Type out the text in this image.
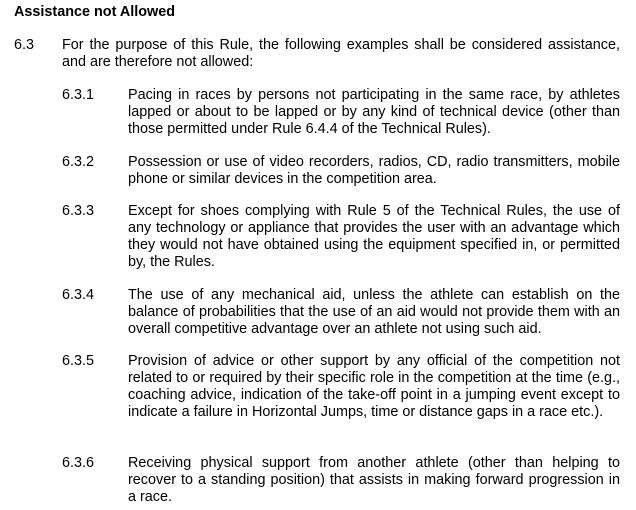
Assistance not Allowed
6.3 For the purpose of this Rule, the following examples shall be considered assistance, and are therefore not allowed:
6.3.1 Pacing in races by persons not participating in the same race, by athletes lapped or about to be lapped or by any kind of technical device (other than those permitted under Rule 6.4.4 of the Technical Rules).
6.3.2 Possession or use of video recorders, radios, CD, radio transmitters, mobile phone or similar devices in the competition area.
6.3.3 Except for shoes complying with Rule 5 of the Technical Rules, the use of any technology or appliance that provides the user with an advantage which they would not have obtained using the equipment specified in, or permitted by, the Rules.
6.3.4 The use of any mechanical aid, unless the athlete can establish on the balance of probabilities that the use of an aid would not provide them with an overall competitive advantage over an athlete not using such aid.
6.3.5 Provision of advice or other support by any official of the competition not related to or required by their specific role in the competition at the time (e.g., coaching advice, indication of the take-off point in a jumping event except to indicate a failure in Horizontal Jumps, time or distance gaps in a race etc.).
6.3.6 Receiving physical support from another athlete (other than helping to recover to a standing position) that assists in making forward progression in a race.
